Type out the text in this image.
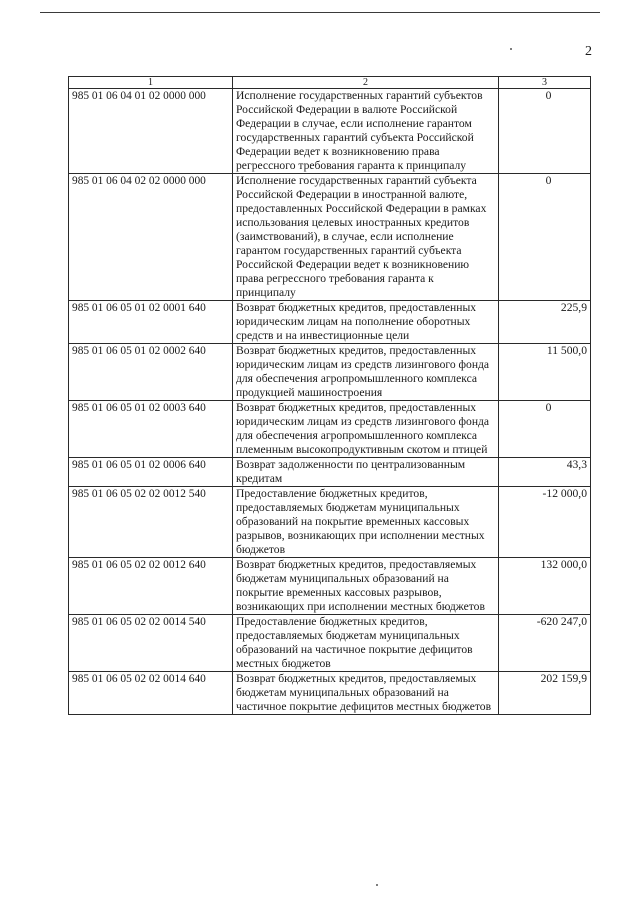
2
1	2	3
985 01 06 04 01 02 0000 000	Исполнение государственных гарантий субъектов Российской Федерации в валюте Российской Федерации в случае, если исполнение гарантом государственных гарантий субъекта Российской Федерации ведет к возникновению права регрессного требования гаранта к принципалу	0
985 01 06 04 02 02 0000 000	Исполнение государственных гарантий субъекта Российской Федерации в иностранной валюте, предоставленных Российской Федерации в рамках использования целевых иностранных кредитов (заимствований), в случае, если исполнение гарантом государственных гарантий субъекта Российской Федерации ведет к возникновению права регрессного требования гаранта к принципалу	0
985 01 06 05 01 02 0001 640	Возврат бюджетных кредитов, предоставленных юридическим лицам на пополнение оборотных средств и на инвестиционные цели	225,9
985 01 06 05 01 02 0002 640	Возврат бюджетных кредитов, предоставленных юридическим лицам из средств лизингового фонда для обеспечения агропромышленного комплекса продукцией машиностроения	11 500,0
985 01 06 05 01 02 0003 640	Возврат бюджетных кредитов, предоставленных юридическим лицам из средств лизингового фонда для обеспечения агропромышленного комплекса племенным высокопродуктивным скотом и птицей	0
985 01 06 05 01 02 0006 640	Возврат задолженности по централизованным кредитам	43,3
985 01 06 05 02 02 0012 540	Предоставление бюджетных кредитов, предоставляемых бюджетам муниципальных образований на покрытие временных кассовых разрывов, возникающих при исполнении местных бюджетов	-12 000,0
985 01 06 05 02 02 0012 640	Возврат бюджетных кредитов, предоставляемых бюджетам муниципальных образований на покрытие временных кассовых разрывов, возникающих при исполнении местных бюджетов	132 000,0
985 01 06 05 02 02 0014 540	Предоставление бюджетных кредитов, предоставляемых бюджетам муниципальных образований на частичное покрытие дефицитов местных бюджетов	-620 247,0
985 01 06 05 02 02 0014 640	Возврат бюджетных кредитов, предоставляемых бюджетам муниципальных образований на частичное покрытие дефицитов местных бюджетов	202 159,9
